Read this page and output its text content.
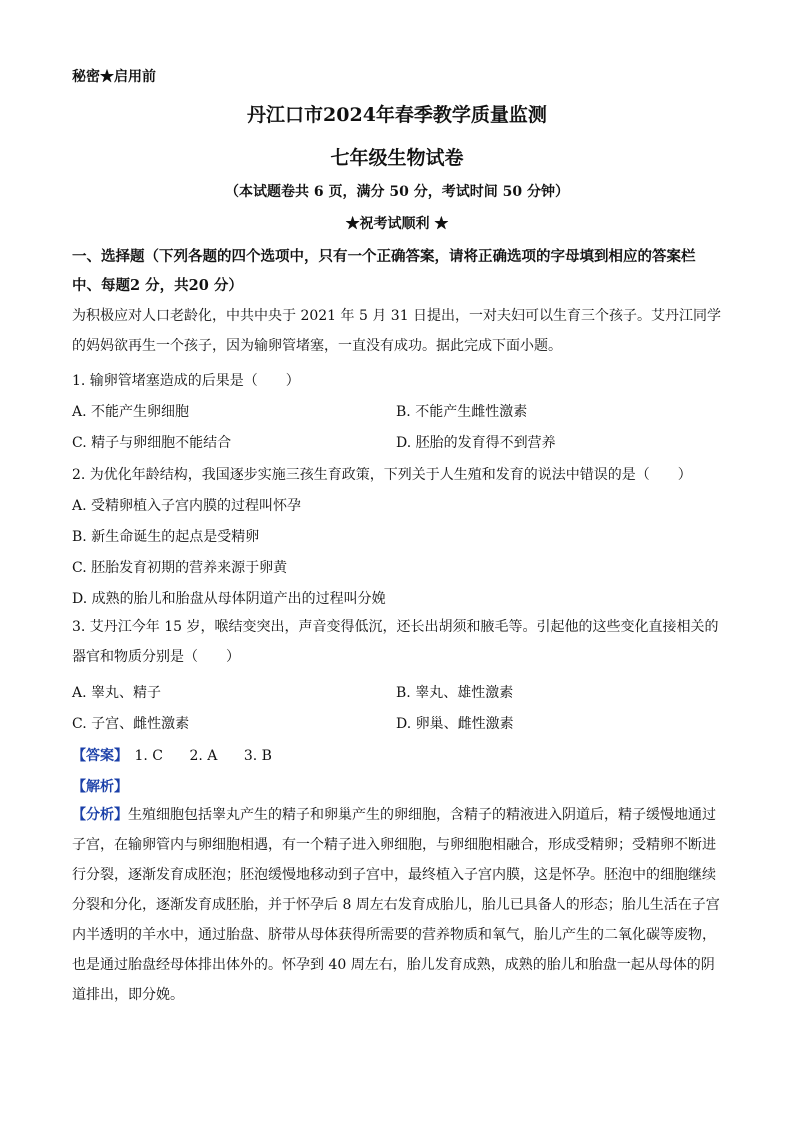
秘密★启用前
丹江口市2024年春季教学质量监测
七年级生物试卷
（本试题卷共 6 页，满分 50 分，考试时间 50 分钟）
★祝考试顺利 ★
一、选择题（下列各题的四个选项中，只有一个正确答案，请将正确选项的字母填到相应的答案栏中、每题2 分，共20 分）
为积极应对人口老龄化，中共中央于 2021 年 5 月 31 日提出，一对夫妇可以生育三个孩子。艾丹江同学的妈妈欲再生一个孩子，因为输卵管堵塞，一直没有成功。据此完成下面小题。
1. 输卵管堵塞造成的后果是（　　）
A. 不能产生卵细胞	B. 不能产生雌性激素
C. 精子与卵细胞不能结合	D. 胚胎的发育得不到营养
2. 为优化年龄结构，我国逐步实施三孩生育政策，下列关于人生殖和发育的说法中错误的是（　　）
A. 受精卵植入子宫内膜的过程叫怀孕
B. 新生命诞生的起点是受精卵
C. 胚胎发育初期的营养来源于卵黄
D. 成熟的胎儿和胎盘从母体阴道产出的过程叫分娩
3. 艾丹江今年 15 岁，喉结变突出，声音变得低沉，还长出胡须和腋毛等。引起他的这些变化直接相关的器官和物质分别是（　　）
A. 睾丸、精子	B. 睾丸、雄性激素
C. 子宫、雌性激素	D. 卵巢、雌性激素
【答案】 1. C 2. A 3. B
【解析】
【分析】生殖细胞包括睾丸产生的精子和卵巢产生的卵细胞，含精子的精液进入阴道后，精子缓慢地通过子宫，在输卵管内与卵细胞相遇，有一个精子进入卵细胞，与卵细胞相融合，形成受精卵；受精卵不断进行分裂，逐渐发育成胚泡；胚泡缓慢地移动到子宫中，最终植入子宫内膜，这是怀孕。胚泡中的细胞继续分裂和分化，逐渐发育成胚胎，并于怀孕后 8 周左右发育成胎儿，胎儿已具备人的形态；胎儿生活在子宫内半透明的羊水中，通过胎盘、脐带从母体获得所需要的营养物质和氧气，胎儿产生的二氧化碳等废物，也是通过胎盘经母体排出体外的。怀孕到 40 周左右，胎儿发育成熟，成熟的胎儿和胎盘一起从母体的阴道排出，即分娩。
